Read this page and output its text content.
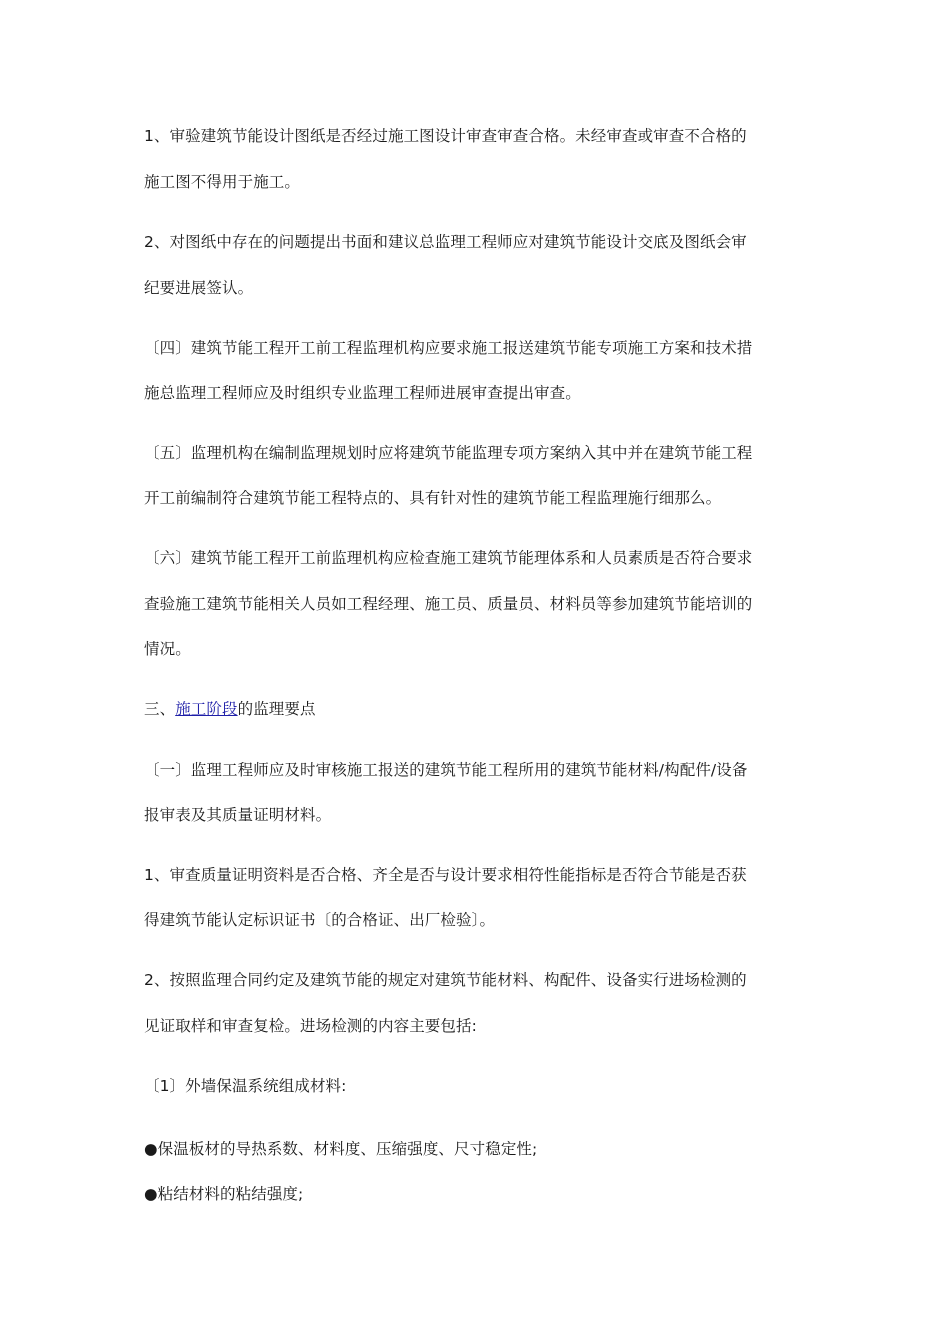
1、审验建筑节能设计图纸是否经过施工图设计审查审查合格。未经审查或审查不合格的
施工图不得用于施工。
2、对图纸中存在的问题提出书面和建议总监理工程师应对建筑节能设计交底及图纸会审
纪要进展签认。
〔四〕建筑节能工程开工前工程监理机构应要求施工报送建筑节能专项施工方案和技术措
施总监理工程师应及时组织专业监理工程师进展审查提出审查。
〔五〕监理机构在编制监理规划时应将建筑节能监理专项方案纳入其中并在建筑节能工程
开工前编制符合建筑节能工程特点的、具有针对性的建筑节能工程监理施行细那么。
〔六〕建筑节能工程开工前监理机构应检查施工建筑节能理体系和人员素质是否符合要求
查验施工建筑节能相关人员如工程经理、施工员、质量员、材料员等参加建筑节能培训的
情况。
三、施工阶段的监理要点
〔一〕监理工程师应及时审核施工报送的建筑节能工程所用的建筑节能材料/构配件/设备
报审表及其质量证明材料。
1、审查质量证明资料是否合格、齐全是否与设计要求相符性能指标是否符合节能是否获
得建筑节能认定标识证书〔的合格证、出厂检验〕。
2、按照监理合同约定及建筑节能的规定对建筑节能材料、构配件、设备实行进场检测的
见证取样和审查复检。进场检测的内容主要包括:
〔1〕外墙保温系统组成材料:
●保温板材的导热系数、材料度、压缩强度、尺寸稳定性;
●粘结材料的粘结强度;
